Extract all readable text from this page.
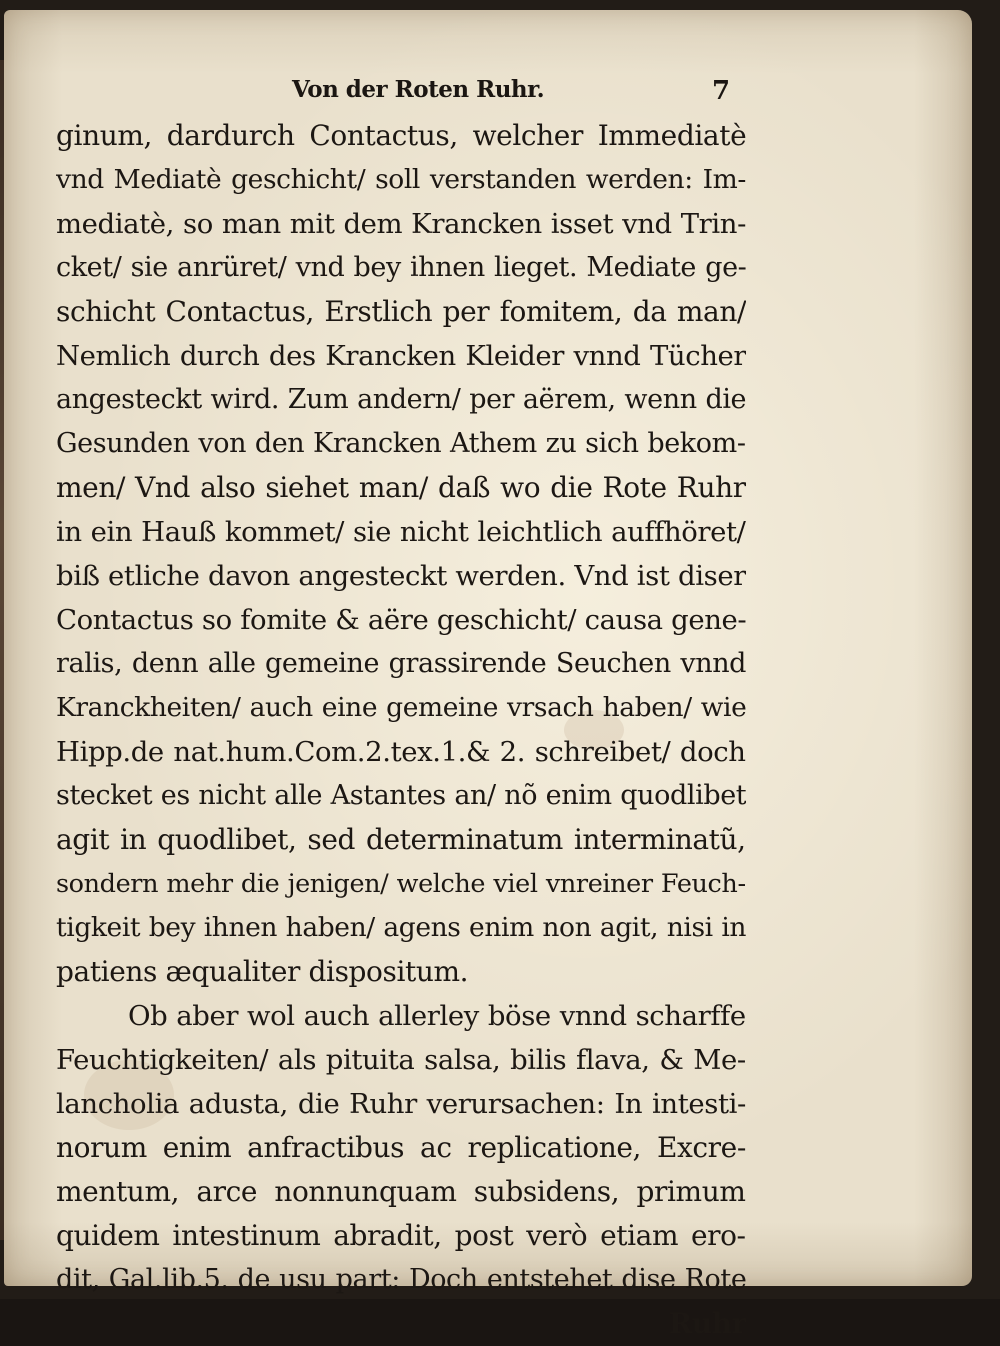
Von der Roten Ruhr.	7
ginum, dardurch Contactus, welcher Immediatè
vnd Mediatè geschicht/ soll verstanden werden: Im-
mediatè, so man mit dem Krancken isset vnd Trin-
cket/ sie anrüret/ vnd bey ihnen lieget. Mediate ge-
schicht Contactus, Erstlich per fomitem, da man/
Nemlich durch des Krancken Kleider vnnd Tücher
angesteckt wird. Zum andern/ per aërem, wenn die
Gesunden von den Krancken Athem zu sich bekom-
men/ Vnd also siehet man/ daß wo die Rote Ruhr
in ein Hauß kommet/ sie nicht leichtlich auffhöret/
biß etliche davon angesteckt werden. Vnd ist diser
Contactus so fomite & aëre geschicht/ causa gene-
ralis, denn alle gemeine grassirende Seuchen vnnd
Kranckheiten/ auch eine gemeine vrsach haben/ wie
Hipp.de nat.hum.Com.2.tex.1.& 2. schreibet/ doch
stecket es nicht alle Astantes an/ nõ enim quodlibet
agit in quodlibet, sed determinatum interminatũ,
sondern mehr die jenigen/ welche viel vnreiner Feuch-
tigkeit bey ihnen haben/ agens enim non agit, nisi in
patiens æqualiter dispositum.
Ob aber wol auch allerley böse vnnd scharffe
Feuchtigkeiten/ als pituita salsa, bilis flava, & Me-
lancholia adusta, die Ruhr verursachen: In intesti-
norum enim anfractibus ac replicatione, Excre-
mentum, arce nonnunquam subsidens, primum
quidem intestinum abradit, post verò etiam ero-
dit, Gal.lib.5. de usu part: Doch entstehet dise Rote
Ruhr
